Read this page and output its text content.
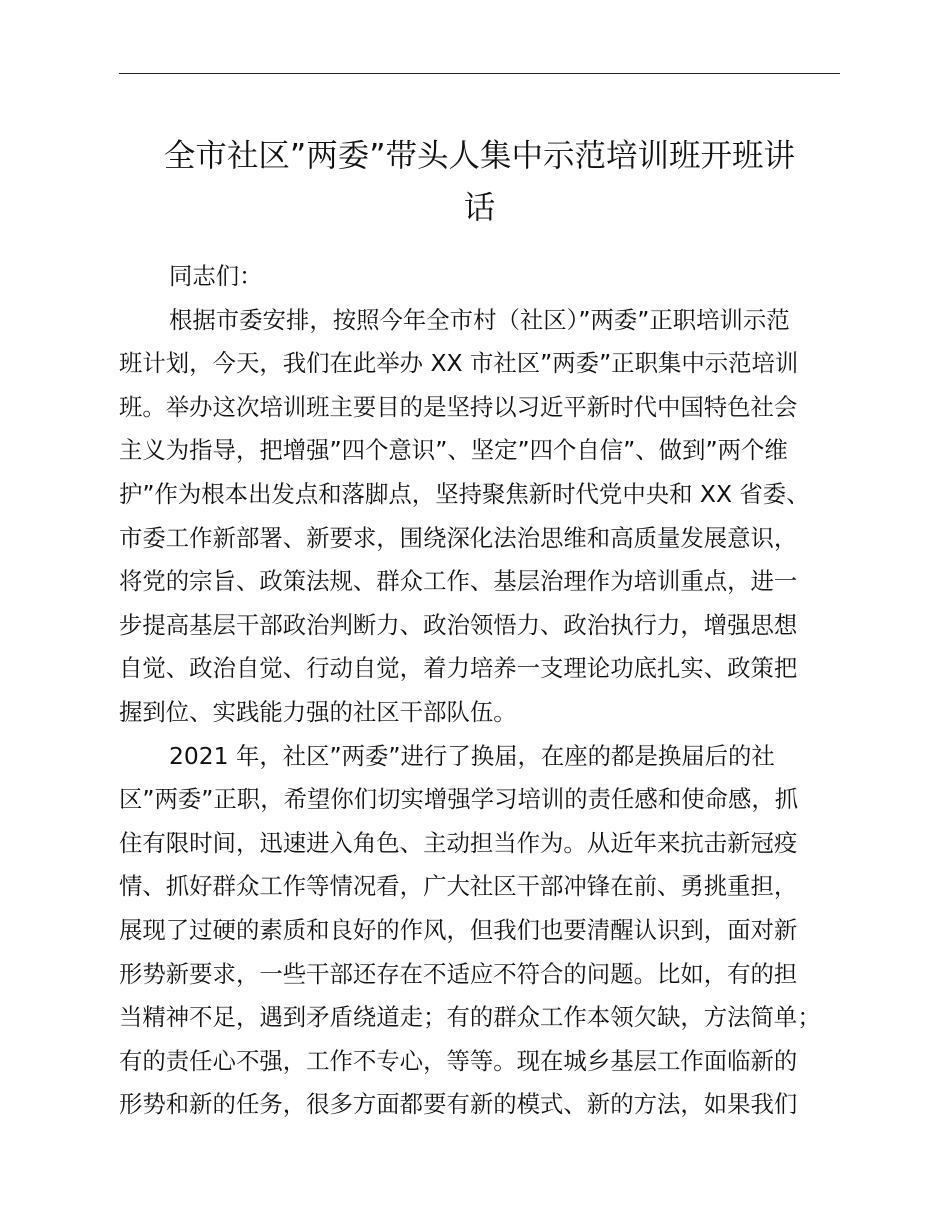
全市社区”两委”带头人集中示范培训班开班讲
话
同志们：
根据市委安排，按照今年全市村（社区）”两委”正职培训示范
班计划，今天，我们在此举办 XX 市社区”两委”正职集中示范培训
班。举办这次培训班主要目的是坚持以习近平新时代中国特色社会
主义为指导，把增强”四个意识”、坚定”四个自信”、做到”两个维
护”作为根本出发点和落脚点，坚持聚焦新时代党中央和 XX 省委、
市委工作新部署、新要求，围绕深化法治思维和高质量发展意识，
将党的宗旨、政策法规、群众工作、基层治理作为培训重点，进一
步提高基层干部政治判断力、政治领悟力、政治执行力，增强思想
自觉、政治自觉、行动自觉，着力培养一支理论功底扎实、政策把
握到位、实践能力强的社区干部队伍。
2021 年，社区”两委”进行了换届，在座的都是换届后的社
区”两委”正职，希望你们切实增强学习培训的责任感和使命感，抓
住有限时间，迅速进入角色、主动担当作为。从近年来抗击新冠疫
情、抓好群众工作等情况看，广大社区干部冲锋在前、勇挑重担，
展现了过硬的素质和良好的作风，但我们也要清醒认识到，面对新
形势新要求，一些干部还存在不适应不符合的问题。比如，有的担
当精神不足，遇到矛盾绕道走；有的群众工作本领欠缺，方法简单；
有的责任心不强，工作不专心，等等。现在城乡基层工作面临新的
形势和新的任务，很多方面都要有新的模式、新的方法，如果我们
